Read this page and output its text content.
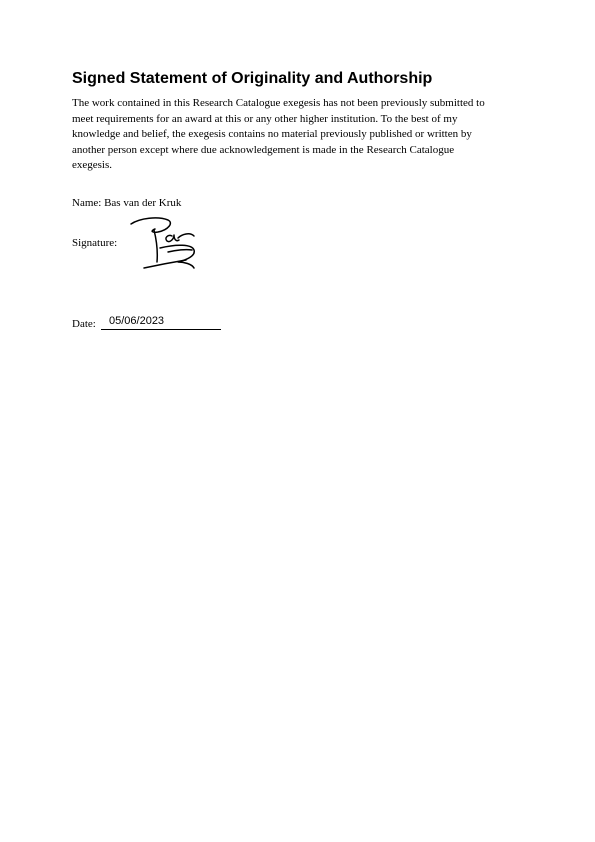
Signed Statement of Originality and Authorship
The work contained in this Research Catalogue exegesis has not been previously submitted to
meet requirements for an award at this or any other higher institution. To the best of my
knowledge and belief, the exegesis contains no material previously published or written by
another person except where due acknowledgement is made in the Research Catalogue
exegesis.
Name: Bas van der Kruk
Signature:
Date: 05/06/2023
